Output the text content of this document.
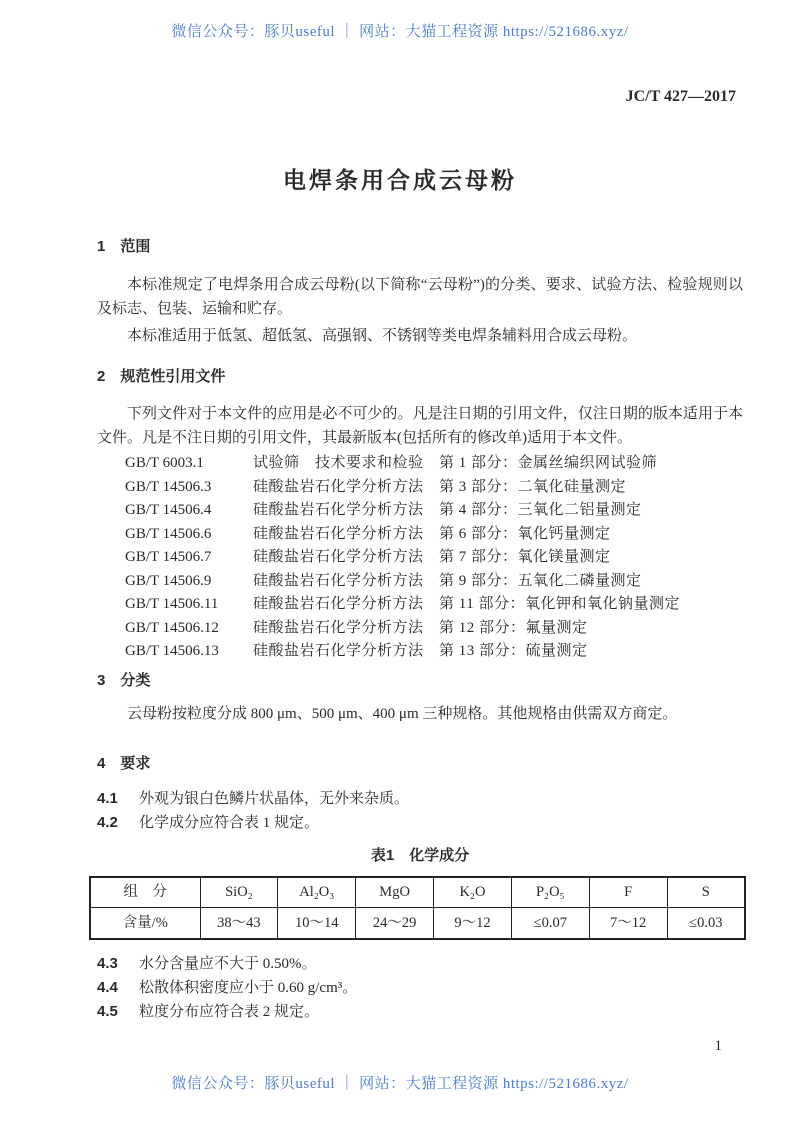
微信公众号：豚贝useful ｜ 网站：大猫工程资源 https://521686.xyz/
JC/T 427—2017
电焊条用合成云母粉
1　范围
本标准规定了电焊条用合成云母粉(以下简称“云母粉”)的分类、要求、试验方法、检验规则以及标志、包装、运输和贮存。
本标准适用于低氢、超低氢、高强钢、不锈钢等类电焊条辅料用合成云母粉。
2　规范性引用文件
下列文件对于本文件的应用是必不可少的。凡是注日期的引用文件，仅注日期的版本适用于本文件。凡是不注日期的引用文件，其最新版本(包括所有的修改单)适用于本文件。
GB/T 6003.1	试验筛　技术要求和检验　第 1 部分：金属丝编织网试验筛
GB/T 14506.3	硅酸盐岩石化学分析方法　第 3 部分：二氧化硅量测定
GB/T 14506.4	硅酸盐岩石化学分析方法　第 4 部分：三氧化二铝量测定
GB/T 14506.6	硅酸盐岩石化学分析方法　第 6 部分：氧化钙量测定
GB/T 14506.7	硅酸盐岩石化学分析方法　第 7 部分：氧化镁量测定
GB/T 14506.9	硅酸盐岩石化学分析方法　第 9 部分：五氧化二磷量测定
GB/T 14506.11	硅酸盐岩石化学分析方法　第 11 部分：氧化钾和氧化钠量测定
GB/T 14506.12	硅酸盐岩石化学分析方法　第 12 部分：氟量测定
GB/T 14506.13	硅酸盐岩石化学分析方法　第 13 部分：硫量测定
3　分类
云母粉按粒度分成 800 μm、500 μm、400 μm 三种规格。其他规格由供需双方商定。
4　要求
4.1	外观为银白色鳞片状晶体，无外来杂质。
4.2	化学成分应符合表 1 规定。
表1　化学成分
组　分	SiO₂	Al₂O₃	MgO	K₂O	P₂O₅	F	S
含量/%	38～43	10～14	24～29	9～12	≤0.07	7～12	≤0.03
4.3	水分含量应不大于 0.50%。
4.4	松散体积密度应小于 0.60 g/cm³。
4.5	粒度分布应符合表 2 规定。
1
微信公众号：豚贝useful ｜ 网站：大猫工程资源 https://521686.xyz/
